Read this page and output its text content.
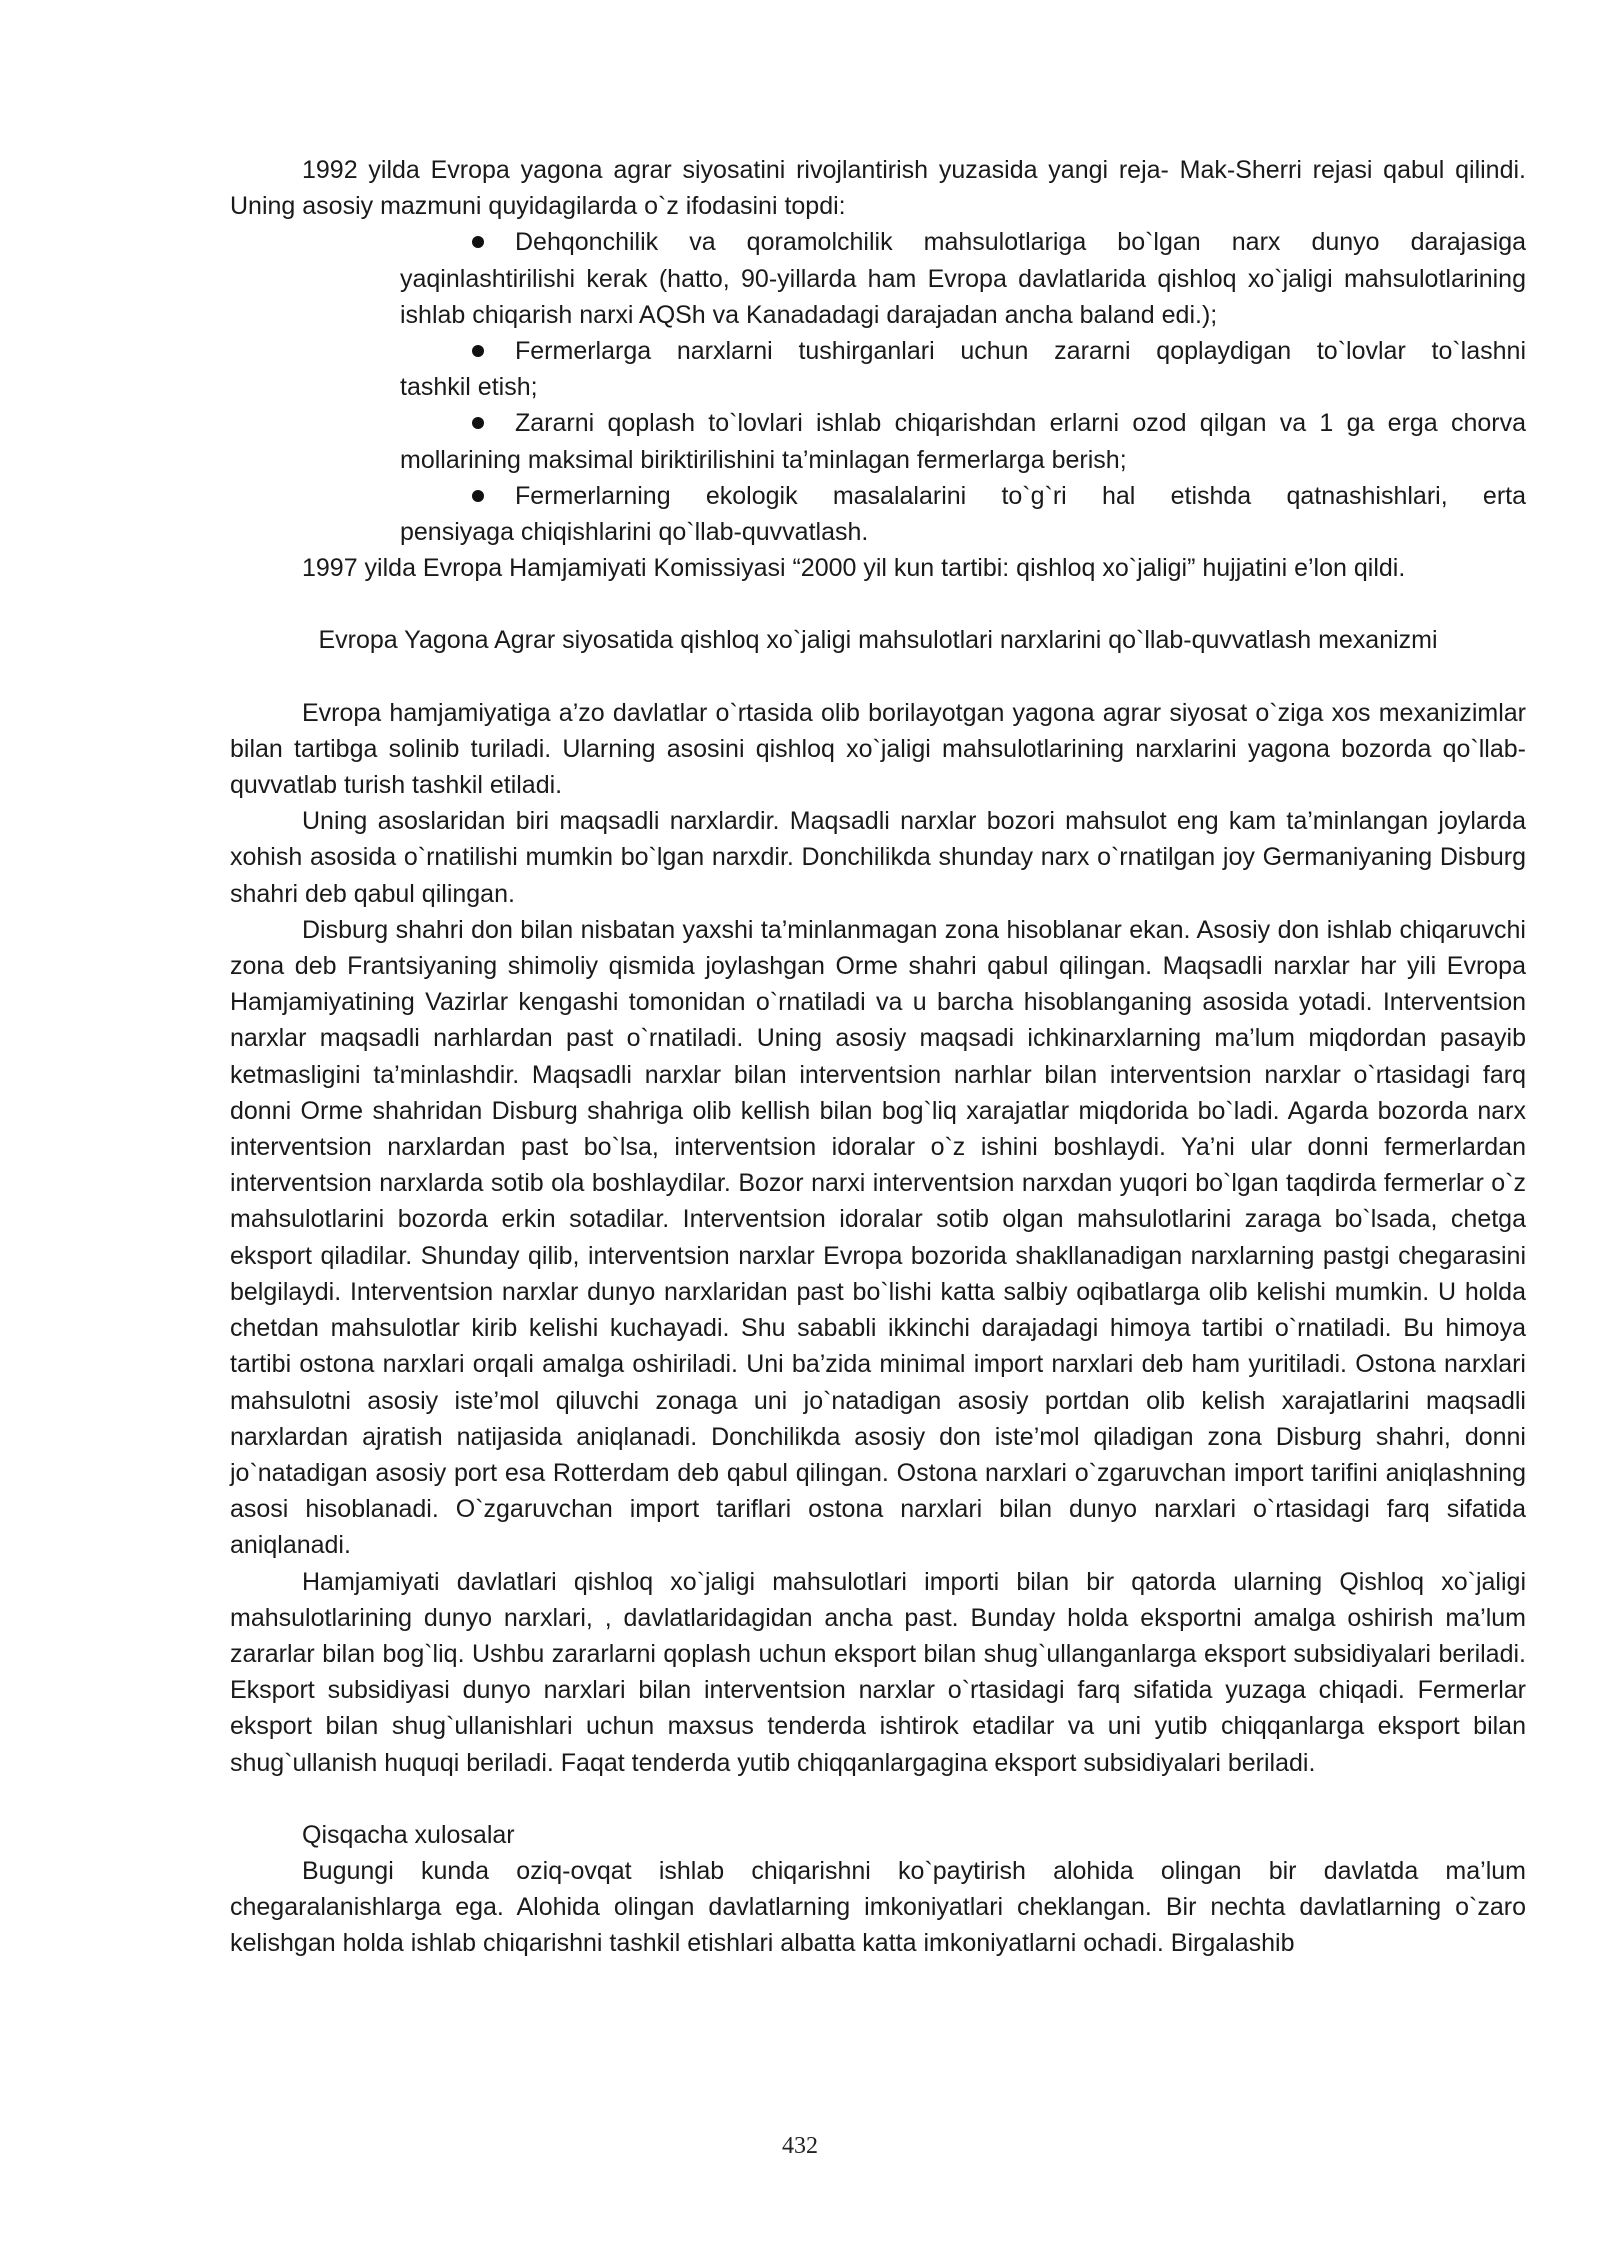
1992 yilda Evropa yagona agrar siyosatini rivojlantirish yuzasida yangi reja- Mak-Sherri rejasi qabul qilindi. Uning asosiy mazmuni quyidagilarda o`z ifodasini topdi:

Dehqonchilik va qoramolchilik mahsulotlariga bo`lgan narx dunyo darajasiga
yaqinlashtirilishi kerak (hatto, 90-yillarda ham Evropa davlatlarida qishloq xo`jaligi mahsulotlarining ishlab chiqarish narxi AQSh va Kanadadagi darajadan ancha baland edi.);

Fermerlarga narxlarni tushirganlari uchun zararni qoplaydigan to`lovlar to`lashni
tashkil etish;

Zararni qoplash to`lovlari ishlab chiqarishdan erlarni ozod qilgan va 1 ga erga chorva
mollarining maksimal biriktirilishini ta’minlagan fermerlarga berish;

Fermerlarning ekologik masalalarini to`g`ri hal etishda qatnashishlari, erta
pensiyaga chiqishlarini qo`llab-quvvatlash.

1997 yilda Evropa Hamjamiyati Komissiyasi “2000 yil kun tartibi: qishloq xo`jaligi” hujjatini e’lon qildi.

Evropa Yagona Agrar siyosatida qishloq xo`jaligi mahsulotlari narxlarini qo`llab-quvvatlash mexanizmi

Evropa hamjamiyatiga a’zo davlatlar o`rtasida olib borilayotgan yagona agrar siyosat o`ziga xos mexanizimlar bilan tartibga solinib turiladi. Ularning asosini qishloq xo`jaligi mahsulotlarining narxlarini yagona bozorda qo`llab-quvvatlab turish tashkil etiladi.

Uning asoslaridan biri maqsadli narxlardir. Maqsadli narxlar bozori mahsulot eng kam ta’minlangan joylarda xohish asosida o`rnatilishi mumkin bo`lgan narxdir. Donchilikda shunday narx o`rnatilgan joy Germaniyaning Disburg shahri deb qabul qilingan.

Disburg shahri don bilan nisbatan yaxshi ta’minlanmagan zona hisoblanar ekan. Asosiy don ishlab chiqaruvchi zona deb Frantsiyaning shimoliy qismida joylashgan Orme shahri qabul qilingan. Maqsadli narxlar har yili Evropa Hamjamiyatining Vazirlar kengashi tomonidan o`rnatiladi va u barcha hisoblanganing asosida yotadi. Interventsion narxlar maqsadli narhlardan past o`rnatiladi. Uning asosiy maqsadi ichkinarxlarning ma’lum miqdordan pasayib ketmasligini ta’minlashdir. Maqsadli narxlar bilan interventsion narhlar bilan interventsion narxlar o`rtasidagi farq donni Orme shahridan Disburg shahriga olib kellish bilan bog`liq xarajatlar miqdorida bo`ladi. Agarda bozorda narx interventsion narxlardan past bo`lsa, interventsion idoralar o`z ishini boshlaydi. Ya’ni ular donni fermerlardan interventsion narxlarda sotib ola boshlaydilar. Bozor narxi interventsion narxdan yuqori bo`lgan taqdirda fermerlar o`z mahsulotlarini bozorda erkin sotadilar. Interventsion idoralar sotib olgan mahsulotlarini zaraga bo`lsada, chetga eksport qiladilar. Shunday qilib, interventsion narxlar Evropa bozorida shakllanadigan narxlarning pastgi chegarasini belgilaydi. Interventsion narxlar dunyo narxlaridan past bo`lishi katta salbiy oqibatlarga olib kelishi mumkin. U holda chetdan mahsulotlar kirib kelishi kuchayadi. Shu sababli ikkinchi darajadagi himoya tartibi o`rnatiladi. Bu himoya tartibi ostona narxlari orqali amalga oshiriladi. Uni ba’zida minimal import narxlari deb ham yuritiladi. Ostona narxlari mahsulotni asosiy iste’mol qiluvchi zonaga uni jo`natadigan asosiy portdan olib kelish xarajatlarini maqsadli narxlardan ajratish natijasida aniqlanadi. Donchilikda asosiy don iste’mol qiladigan zona Disburg shahri, donni jo`natadigan asosiy port esa Rotterdam deb qabul qilingan. Ostona narxlari o`zgaruvchan import tarifini aniqlashning asosi hisoblanadi. O`zgaruvchan import tariflari ostona narxlari bilan dunyo narxlari o`rtasidagi farq sifatida aniqlanadi.

Hamjamiyati davlatlari qishloq xo`jaligi mahsulotlari importi bilan bir qatorda ularning Qishloq xo`jaligi mahsulotlarining dunyo narxlari, , davlatlaridagidan ancha past. Bunday holda eksportni amalga oshirish ma’lum zararlar bilan bog`liq. Ushbu zararlarni qoplash uchun eksport bilan shug`ullanganlarga eksport subsidiyalari beriladi. Eksport subsidiyasi dunyo narxlari bilan interventsion narxlar o`rtasidagi farq sifatida yuzaga chiqadi. Fermerlar eksport bilan shug`ullanishlari uchun maxsus tenderda ishtirok etadilar va uni yutib chiqqanlarga eksport bilan shug`ullanish huquqi beriladi. Faqat tenderda yutib chiqqanlargagina eksport subsidiyalari beriladi.

Qisqacha xulosalar

Bugungi kunda oziq-ovqat ishlab chiqarishni ko`paytirish alohida olingan bir davlatda ma’lum chegaralanishlarga ega. Alohida olingan davlatlarning imkoniyatlari cheklangan. Bir nechta davlatlarning o`zaro kelishgan holda ishlab chiqarishni tashkil etishlari albatta katta imkoniyatlarni ochadi. Birgalashib

432
